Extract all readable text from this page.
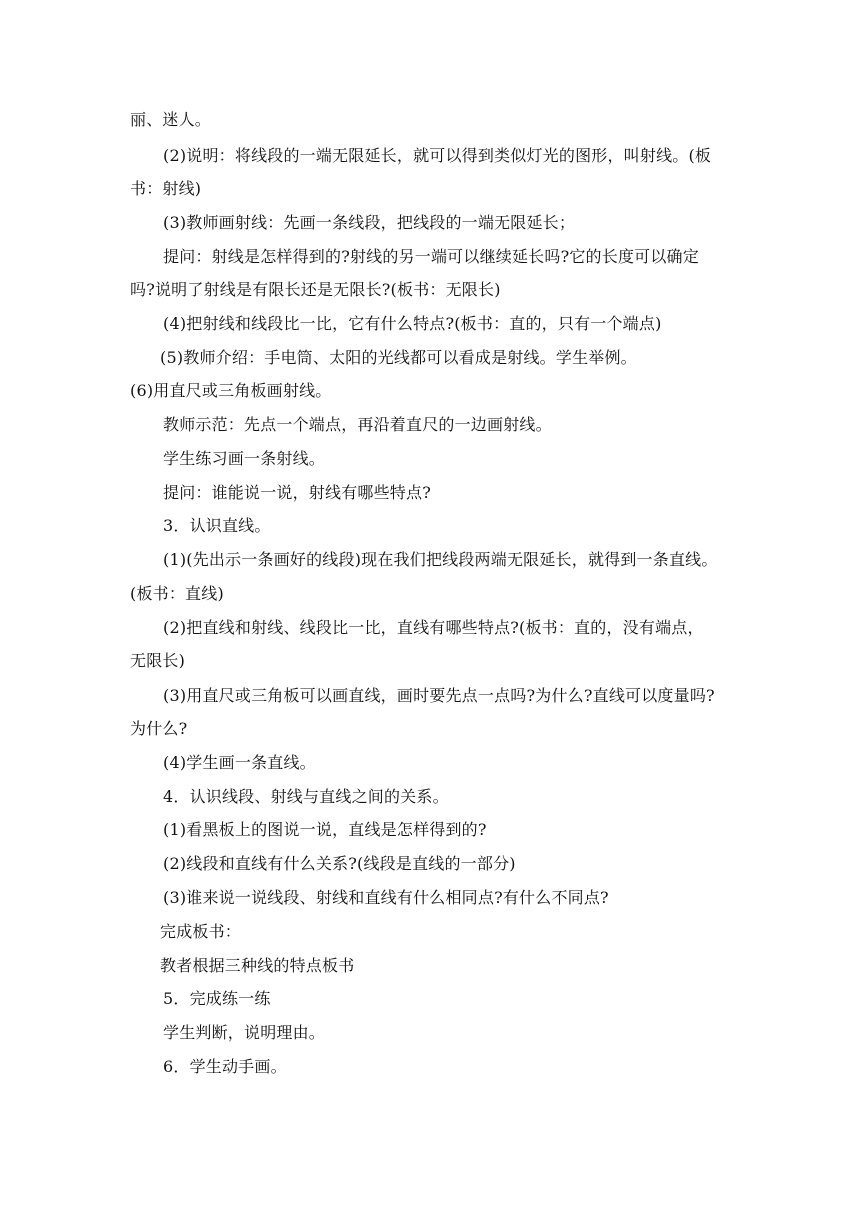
丽、迷人。
(2)说明：将线段的一端无限延长，就可以得到类似灯光的图形，叫射线。(板
书：射线)
(3)教师画射线：先画一条线段，把线段的一端无限延长；
提问：射线是怎样得到的?射线的另一端可以继续延长吗?它的长度可以确定
吗?说明了射线是有限长还是无限长?(板书：无限长)
(4)把射线和线段比一比，它有什么特点?(板书：直的，只有一个端点)
(5)教师介绍：手电筒、太阳的光线都可以看成是射线。学生举例。
(6)用直尺或三角板画射线。
教师示范：先点一个端点，再沿着直尺的一边画射线。
学生练习画一条射线。
提问：谁能说一说，射线有哪些特点?
3．认识直线。
(1)(先出示一条画好的线段)现在我们把线段两端无限延长，就得到一条直线。
(板书：直线)
(2)把直线和射线、线段比一比，直线有哪些特点?(板书：直的，没有端点，
无限长)
(3)用直尺或三角板可以画直线，画时要先点一点吗?为什么?直线可以度量吗?
为什么?
(4)学生画一条直线。
4．认识线段、射线与直线之间的关系。
(1)看黑板上的图说一说，直线是怎样得到的?
(2)线段和直线有什么关系?(线段是直线的一部分)
(3)谁来说一说线段、射线和直线有什么相同点?有什么不同点?
完成板书：
教者根据三种线的特点板书
5．完成练一练
学生判断，说明理由。
6．学生动手画。
